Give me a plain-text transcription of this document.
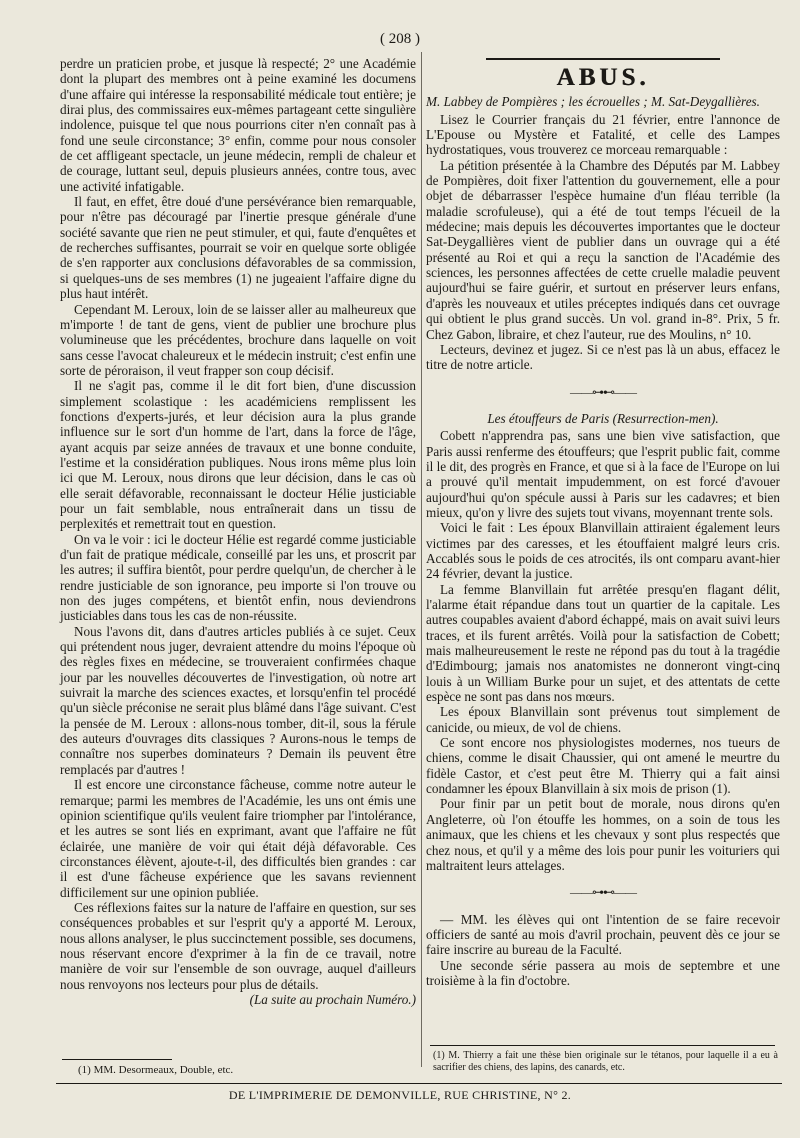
( 208 )

perdre un praticien probe, et jusque là respecté; 2° une Académie dont la plupart des membres ont à peine examiné les documens d'une affaire qui intéresse la responsabilité médicale tout entière; je dirai plus, des commissaires eux-mêmes partageant cette singulière indolence, puisque tel que nous pourrions citer n'en connaît pas à fond une seule circonstance; 3° enfin, comme pour nous consoler de cet affligeant spectacle, un jeune médecin, rempli de chaleur et de courage, luttant seul, depuis plusieurs années, contre tous, avec une activité infatigable.

Il faut, en effet, être doué d'une persévérance bien remarquable, pour n'être pas découragé par l'inertie presque générale d'une société savante que rien ne peut stimuler, et qui, faute d'enquêtes et de recherches suffisantes, pourrait se voir en quelque sorte obligée de s'en rapporter aux conclusions défavorables de sa commission, si quelques-uns de ses membres (1) ne jugeaient l'affaire digne du plus haut intérêt.

Cependant M. Leroux, loin de se laisser aller au malheureux que m'importe ! de tant de gens, vient de publier une brochure plus volumineuse que les précédentes, brochure dans laquelle on voit sans cesse l'avocat chaleureux et le médecin instruit; c'est enfin une sorte de péroraison, il veut frapper son coup décisif.

Il ne s'agit pas, comme il le dit fort bien, d'une discussion simplement scolastique : les académiciens remplissent les fonctions d'experts-jurés, et leur décision aura la plus grande influence sur le sort d'un homme de l'art, dans la force de l'âge, ayant acquis par seize années de travaux et une bonne conduite, l'estime et la considération publiques. Nous irons même plus loin ici que M. Leroux, nous dirons que leur décision, dans le cas où elle serait défavorable, reconnaissant le docteur Hélie justiciable pour un fait semblable, nous entraînerait dans un tissu de perplexités et remettrait tout en question.

On va le voir : ici le docteur Hélie est regardé comme justiciable d'un fait de pratique médicale, conseillé par les uns, et proscrit par les autres; il suffira bientôt, pour perdre quelqu'un, de chercher à le rendre justiciable de son ignorance, peu importe si l'on trouve ou non des juges compétens, et bientôt enfin, nous deviendrons justiciables dans tous les cas de non-réussite.

Nous l'avons dit, dans d'autres articles publiés à ce sujet. Ceux qui prétendent nous juger, devraient attendre du moins l'époque où des règles fixes en médecine, se trouveraient confirmées chaque jour par les nouvelles découvertes de l'investigation, où notre art suivrait la marche des sciences exactes, et lorsqu'enfin tel procédé qu'un siècle préconise ne serait plus blâmé dans l'âge suivant. C'est la pensée de M. Leroux : allons-nous tomber, dit-il, sous la férule des auteurs d'ouvrages dits classiques ? Aurons-nous le temps de connaître nos superbes dominateurs ? Demain ils peuvent être remplacés par d'autres !

Il est encore une circonstance fâcheuse, comme notre auteur le remarque; parmi les membres de l'Académie, les uns ont émis une opinion scientifique qu'ils veulent faire triompher par l'intolérance, et les autres se sont liés en exprimant, avant que l'affaire ne fût éclairée, une manière de voir qui était déjà défavorable. Ces circonstances élèvent, ajoute-t-il, des difficultés bien grandes : car il est d'une fâcheuse expérience que les savans reviennent difficilement sur une opinion publiée.

Ces réflexions faites sur la nature de l'affaire en question, sur ses conséquences probables et sur l'esprit qu'y a apporté M. Leroux, nous allons analyser, le plus succinctement possible, ses documens, nous réservant encore d'exprimer à la fin de ce travail, notre manière de voir sur l'ensemble de son ouvrage, auquel d'ailleurs nous renvoyons nos lecteurs pour plus de détails.

(La suite au prochain Numéro.)

(1) MM. Desormeaux, Double, etc.
ABUS.

M. Labbey de Pompières ; les écrouelles ; M. Sat-Deygallières.

Lisez le Courrier français du 21 février, entre l'annonce de L'Epouse ou Mystère et Fatalité, et celle des Lampes hydrostatiques, vous trouverez ce morceau remarquable :

La pétition présentée à la Chambre des Députés par M. Labbey de Pompières, doit fixer l'attention du gouvernement, elle a pour objet de débarrasser l'espèce humaine d'un fléau terrible (la maladie scrofuleuse), qui a été de tout temps l'écueil de la médecine; mais depuis les découvertes importantes que le docteur Sat-Deygallières vient de publier dans un ouvrage qui a été présenté au Roi et qui a reçu la sanction de l'Académie des sciences, les personnes affectées de cette cruelle maladie peuvent aujourd'hui se faire guérir, et surtout en préserver leurs enfans, d'après les nouveaux et utiles préceptes indiqués dans cet ouvrage qui obtient le plus grand succès. Un vol. grand in-8°. Prix, 5 fr. Chez Gabon, libraire, et chez l'auteur, rue des Moulins, n° 10.

Lecteurs, devinez et jugez. Si ce n'est pas là un abus, effacez le titre de notre article.

——⊶⊷——

Les étouffeurs de Paris (Resurrection-men).

Cobett n'apprendra pas, sans une bien vive satisfaction, que Paris aussi renferme des étouffeurs; que l'esprit public fait, comme il le dit, des progrès en France, et que si à la face de l'Europe on lui a prouvé qu'il mentait impudemment, on est forcé d'avouer aujourd'hui qu'on spécule aussi à Paris sur les cadavres; et bien mieux, qu'on y livre des sujets tout vivans, moyennant trente sols.

Voici le fait : Les époux Blanvillain attiraient également leurs victimes par des caresses, et les étouffaient malgré leurs cris. Accablés sous le poids de ces atrocités, ils ont comparu avant-hier 24 février, devant la justice.

La femme Blanvillain fut arrêtée presqu'en flagant délit, l'alarme était répandue dans tout un quartier de la capitale. Les autres coupables avaient d'abord échappé, mais on avait suivi leurs traces, et ils furent arrêtés. Voilà pour la satisfaction de Cobett; mais malheureusement le reste ne répond pas du tout à la tragédie d'Edimbourg; jamais nos anatomistes ne donneront vingt-cinq louis à un William Burke pour un sujet, et des attentats de cette espèce ne sont pas dans nos mœurs.

Les époux Blanvillain sont prévenus tout simplement de canicide, ou mieux, de vol de chiens.

Ce sont encore nos physiologistes modernes, nos tueurs de chiens, comme le disait Chaussier, qui ont amené le meurtre du fidèle Castor, et c'est peut être M. Thierry qui a fait ainsi condamner les époux Blanvillain à six mois de prison (1).

Pour finir par un petit bout de morale, nous dirons qu'en Angleterre, où l'on étouffe les hommes, on a soin de tous les animaux, que les chiens et les chevaux y sont plus respectés que chez nous, et qu'il y a même des lois pour punir les voituriers qui maltraitent leurs attelages.

——⊶⊷——

— MM. les élèves qui ont l'intention de se faire recevoir officiers de santé au mois d'avril prochain, peuvent dès ce jour se faire inscrire au bureau de la Faculté.

Une seconde série passera au mois de septembre et une troisième à la fin d'octobre.

(1) M. Thierry a fait une thèse bien originale sur le tétanos, pour laquelle il a eu à sacrifier des chiens, des lapins, des canards, etc.
DE L'IMPRIMERIE DE DEMONVILLE, RUE CHRISTINE, N° 2.
